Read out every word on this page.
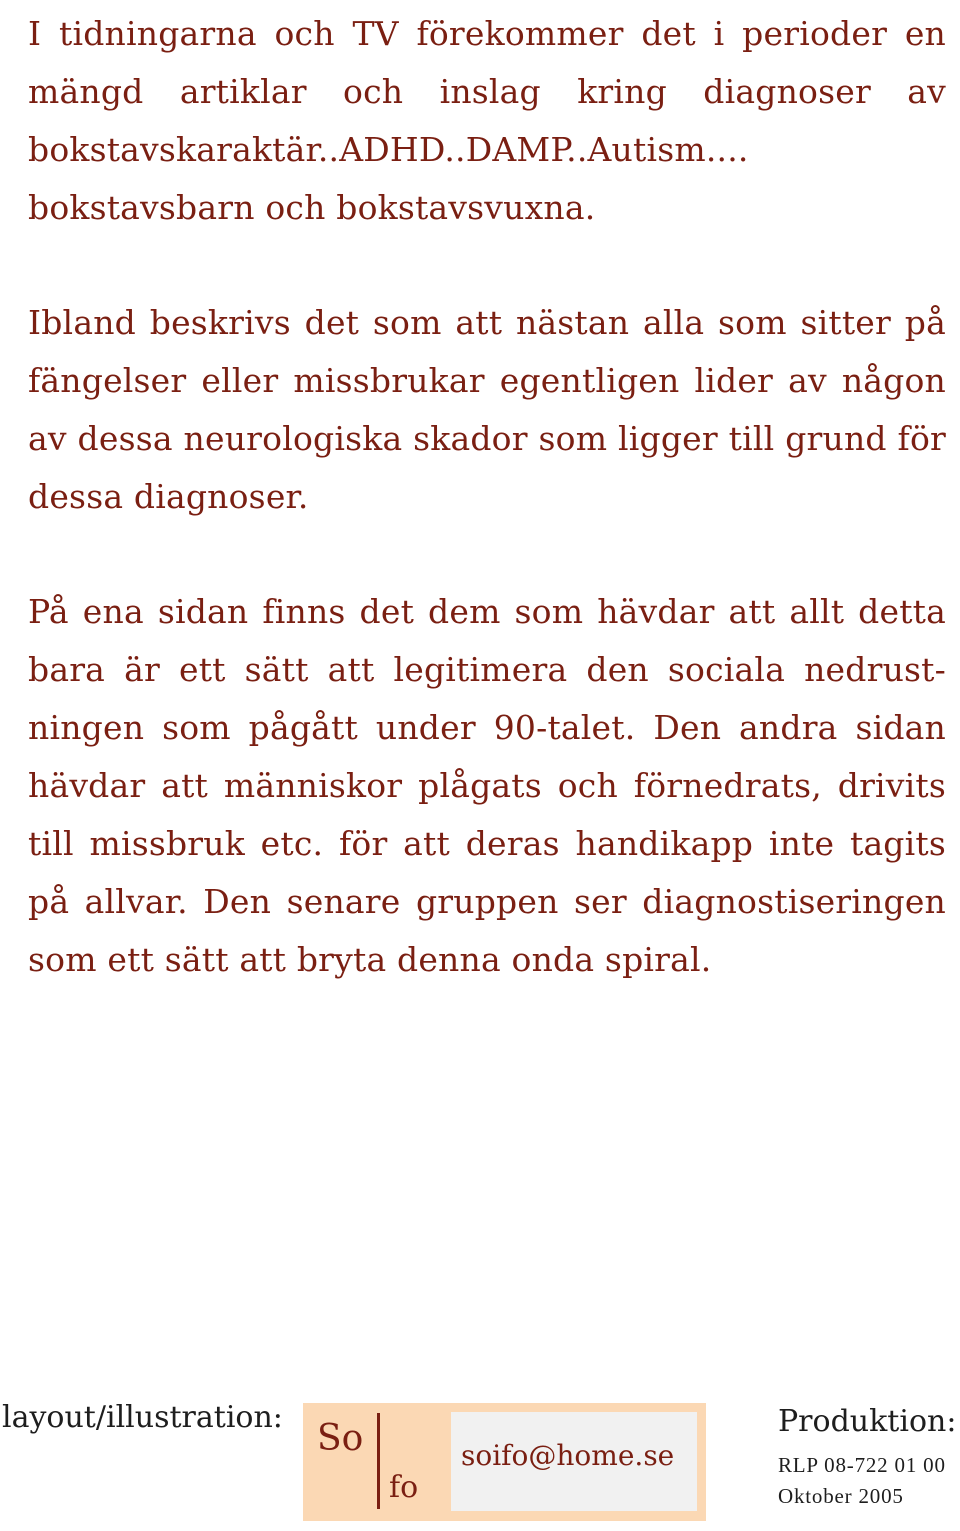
I tidningarna och TV förekommer det i perioder en mängd artiklar och inslag kring diagnoser av bokstavskaraktär..ADHD..DAMP..Autism.... bokstavsbarn och bokstavsvuxna.

Ibland beskrivs det som att nästan alla som sitter på fängelser eller missbrukar egentligen lider av någon av dessa neurologiska skador som ligger till grund för dessa diagnoser.

På ena sidan finns det dem som hävdar att allt detta bara är ett sätt att legitimera den sociala nedrust-ningen som pågått under 90-talet. Den andra sidan hävdar att människor plågats och förnedrats, drivits till missbruk etc. för att deras handikapp inte tagits på allvar. Den senare gruppen ser diagnostiseringen som ett sätt att bryta denna onda spiral.

layout/illustration:
So
fo
soifo@home.se
Produktion:
RLP 08-722 01 00
Oktober 2005
